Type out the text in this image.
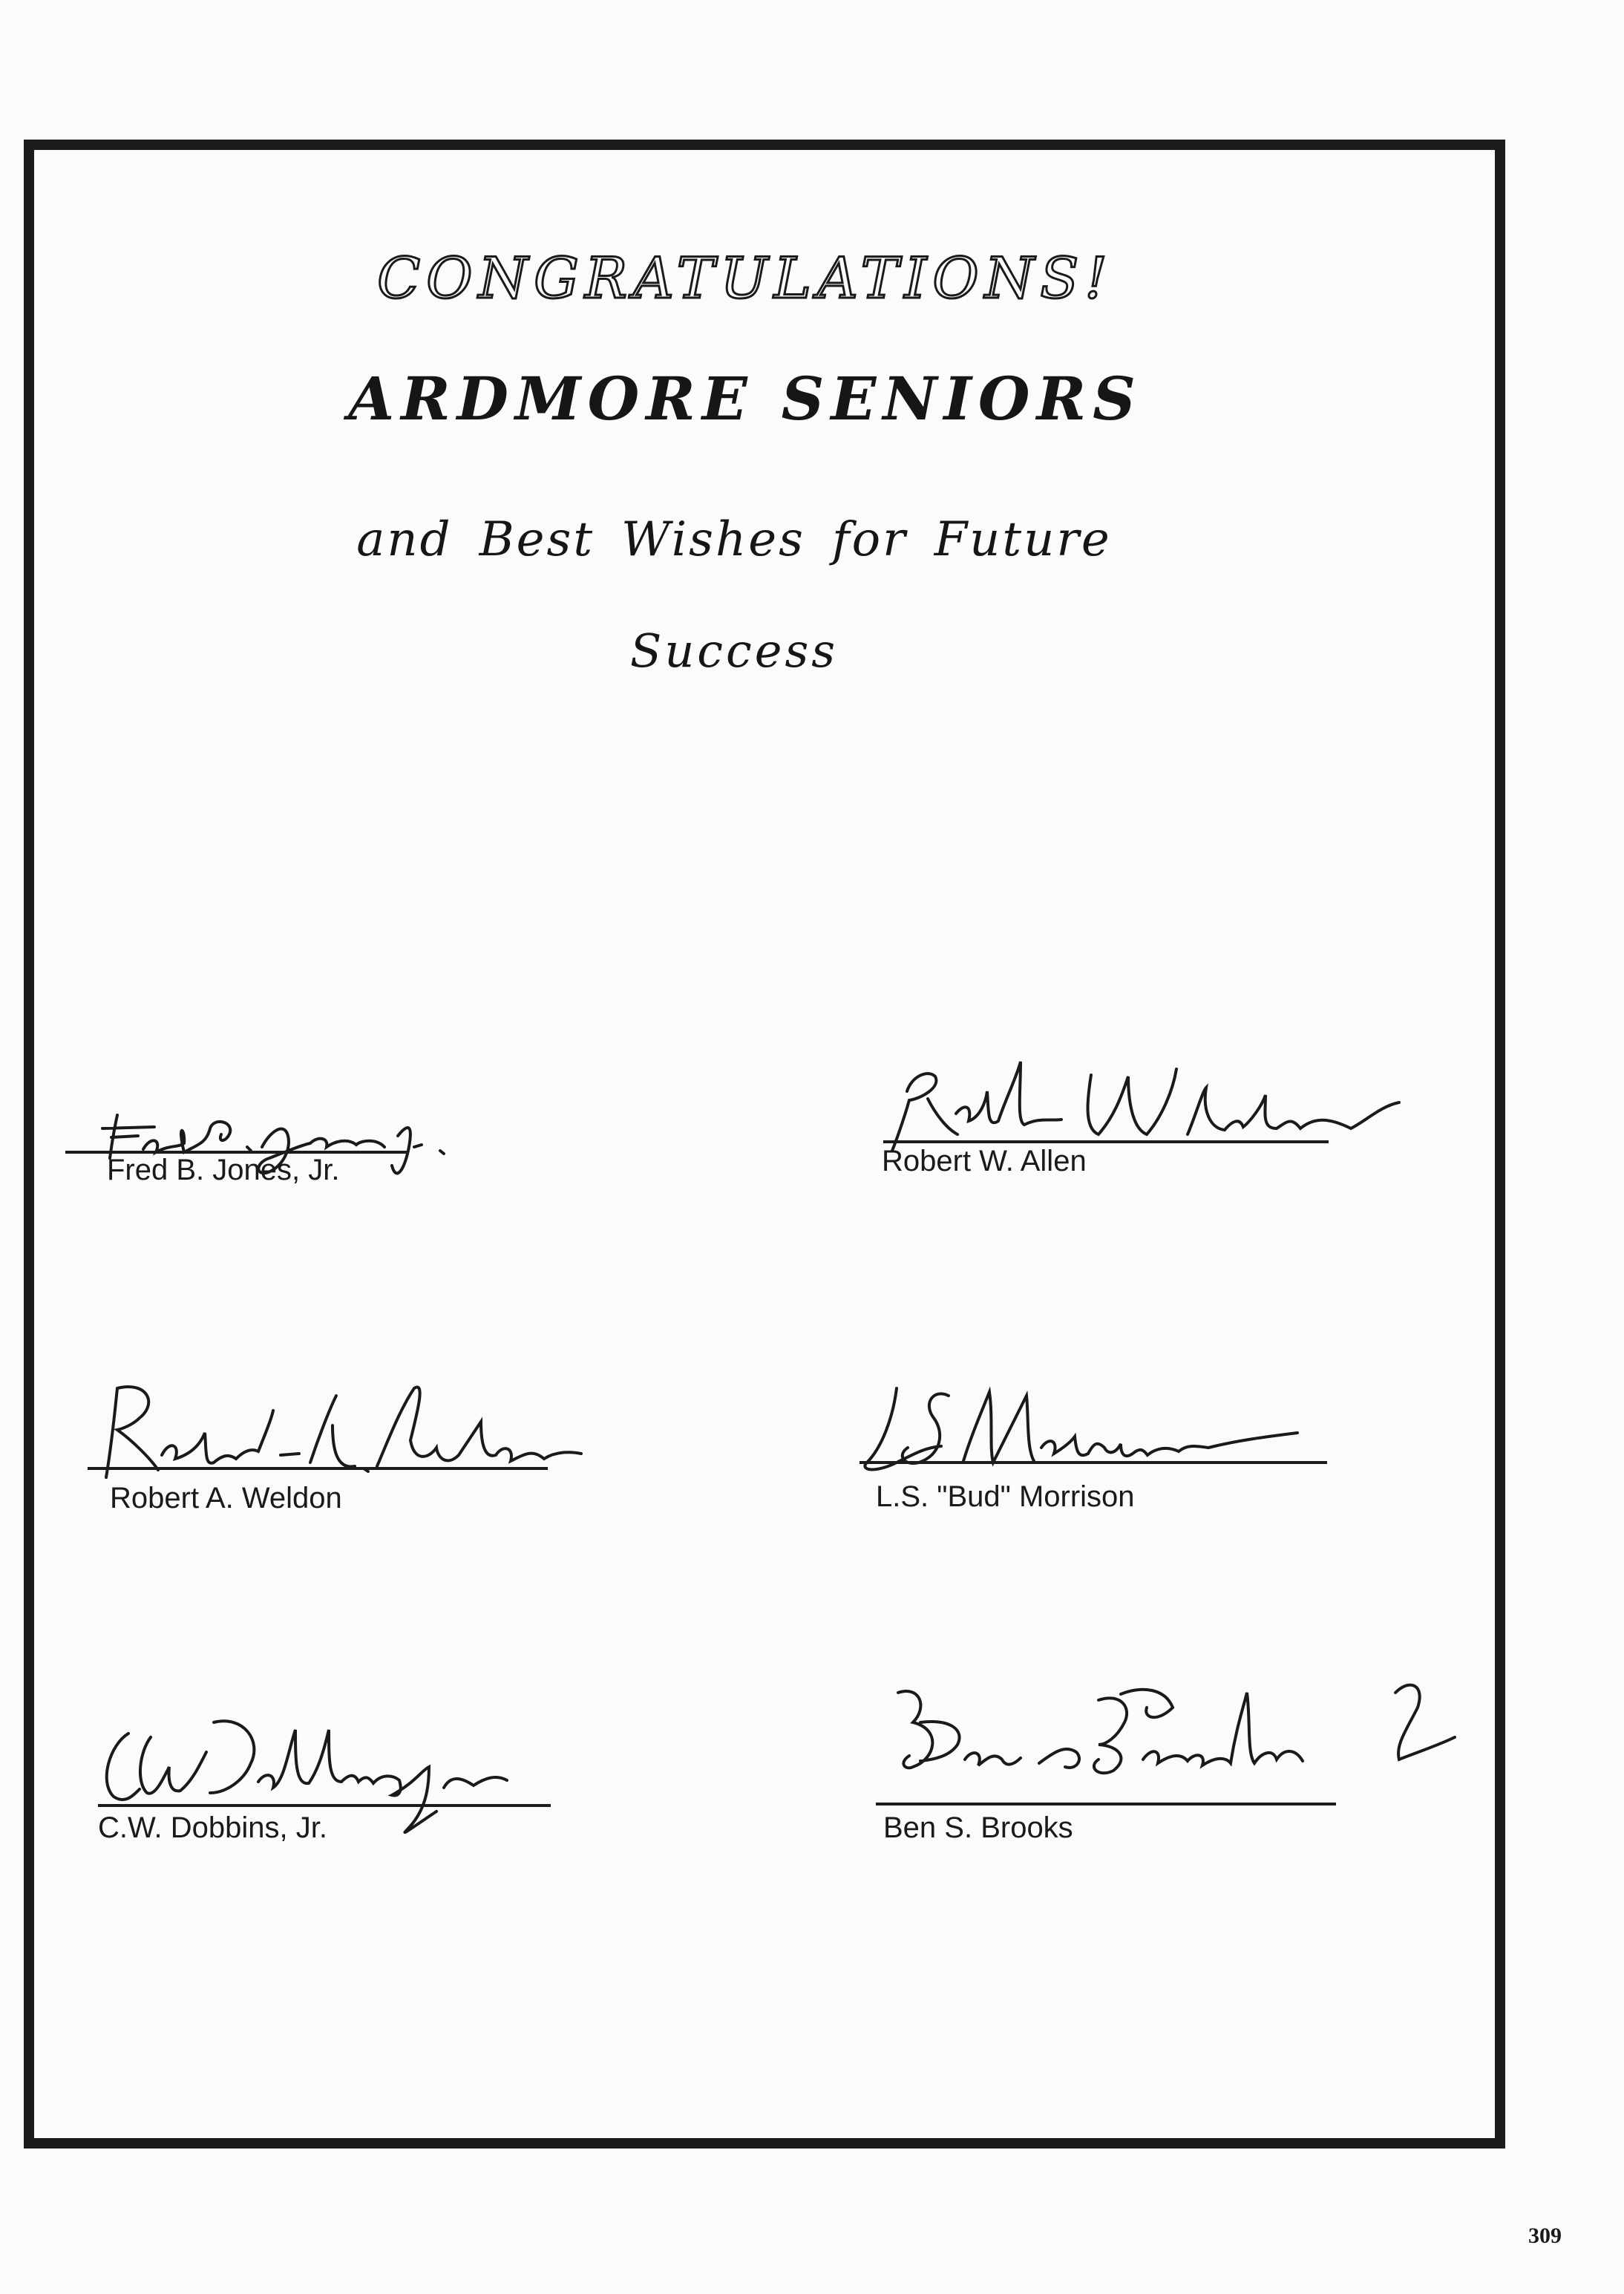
CONGRATULATIONS!
ARDMORE SENIORS
and Best Wishes for Future
Success
Fred B. Jones, Jr.	Robert W. Allen
Robert A. Weldon	L.S. "Bud" Morrison
C.W. Dobbins, Jr.	Ben S. Brooks
309
